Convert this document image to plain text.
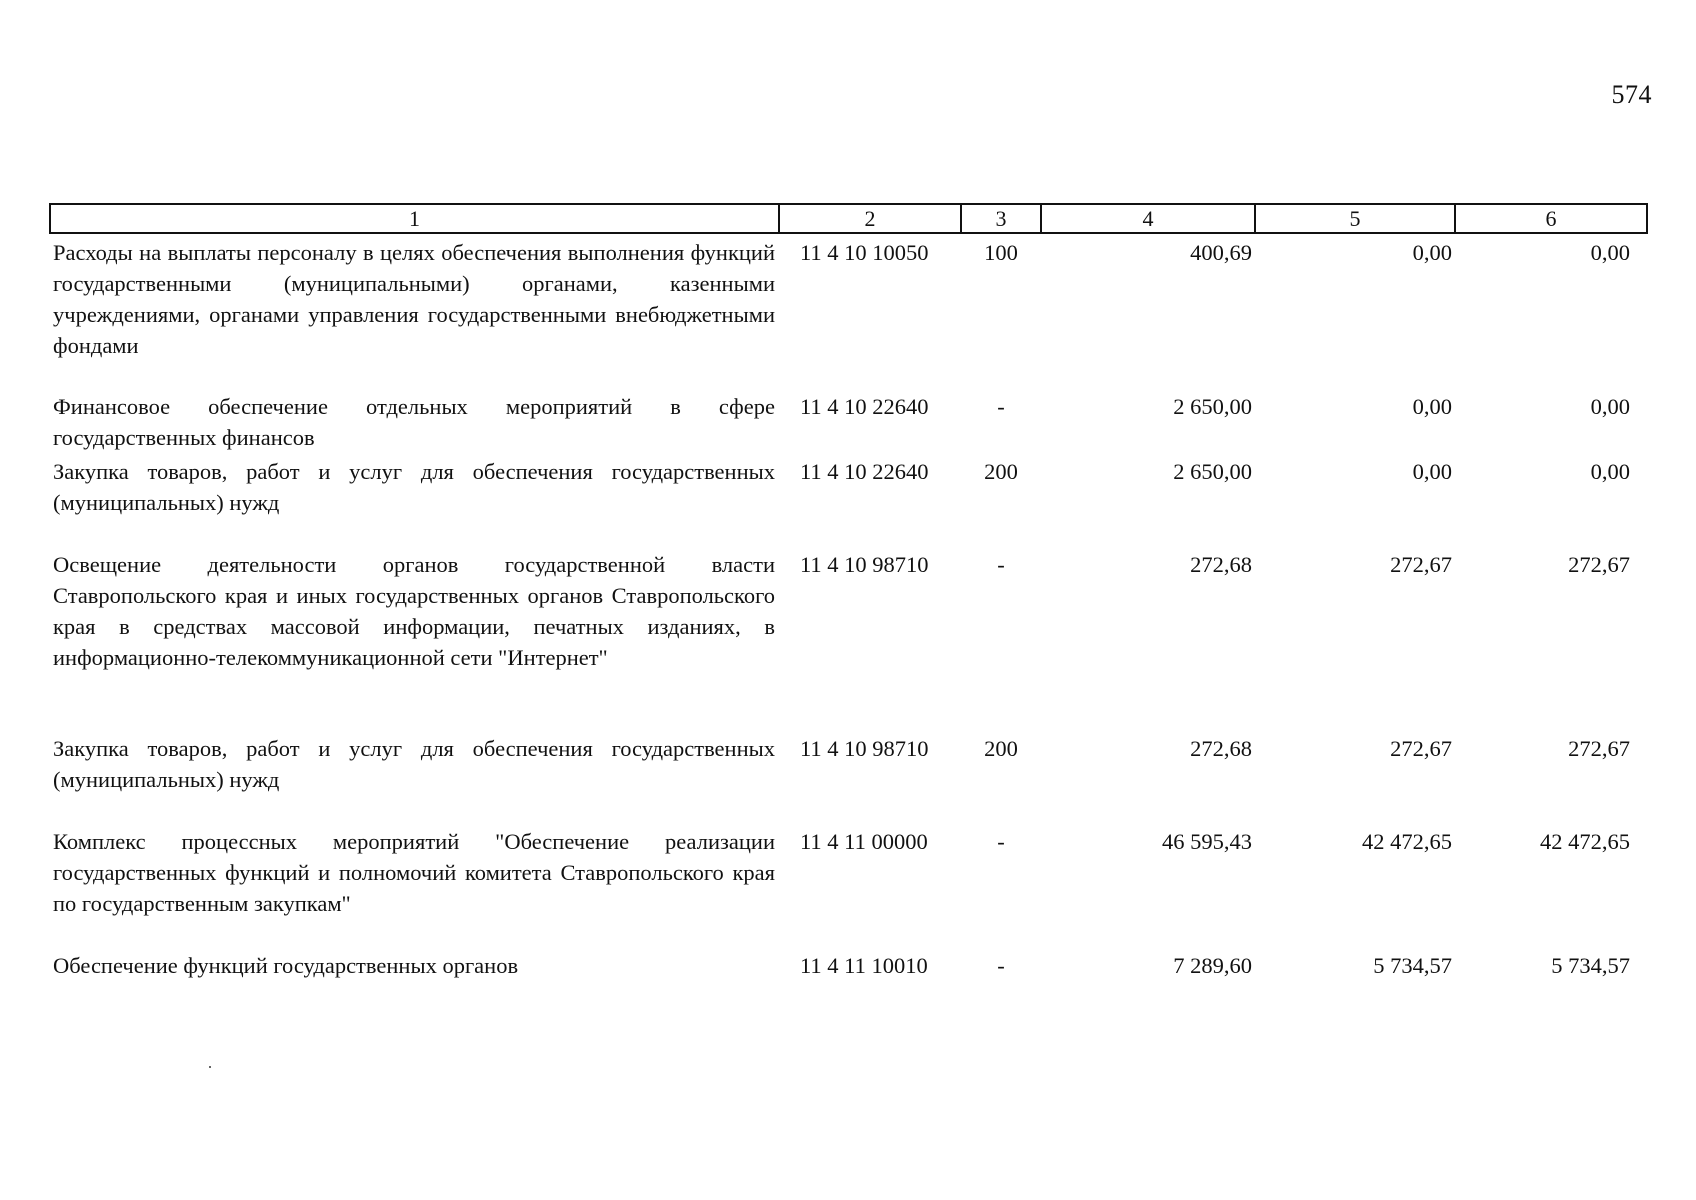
574
1	2	3	4	5	6
Расходы на выплаты персоналу в целях обеспечения выполнения функций государственными (муниципальными) органами, казенными учреждениями, органами управления государственными внебюджетными фондами	11 4 10 10050	100	400,69	0,00	0,00
Финансовое обеспечение отдельных мероприятий в сфере государственных финансов	11 4 10 22640	-	2 650,00	0,00	0,00
Закупка товаров, работ и услуг для обеспечения государственных (муниципальных) нужд	11 4 10 22640	200	2 650,00	0,00	0,00
Освещение деятельности органов государственной власти Ставропольского края и иных государственных органов Ставропольского края в средствах массовой информации, печатных изданиях, в информационно-телекоммуникационной сети "Интернет"	11 4 10 98710	-	272,68	272,67	272,67
Закупка товаров, работ и услуг для обеспечения государственных (муниципальных) нужд	11 4 10 98710	200	272,68	272,67	272,67
Комплекс процессных мероприятий "Обеспечение реализации государственных функций и полномочий комитета Ставропольского края по государственным закупкам"	11 4 11 00000	-	46 595,43	42 472,65	42 472,65
Обеспечение функций государственных органов	11 4 11 10010	-	7 289,60	5 734,57	5 734,57
